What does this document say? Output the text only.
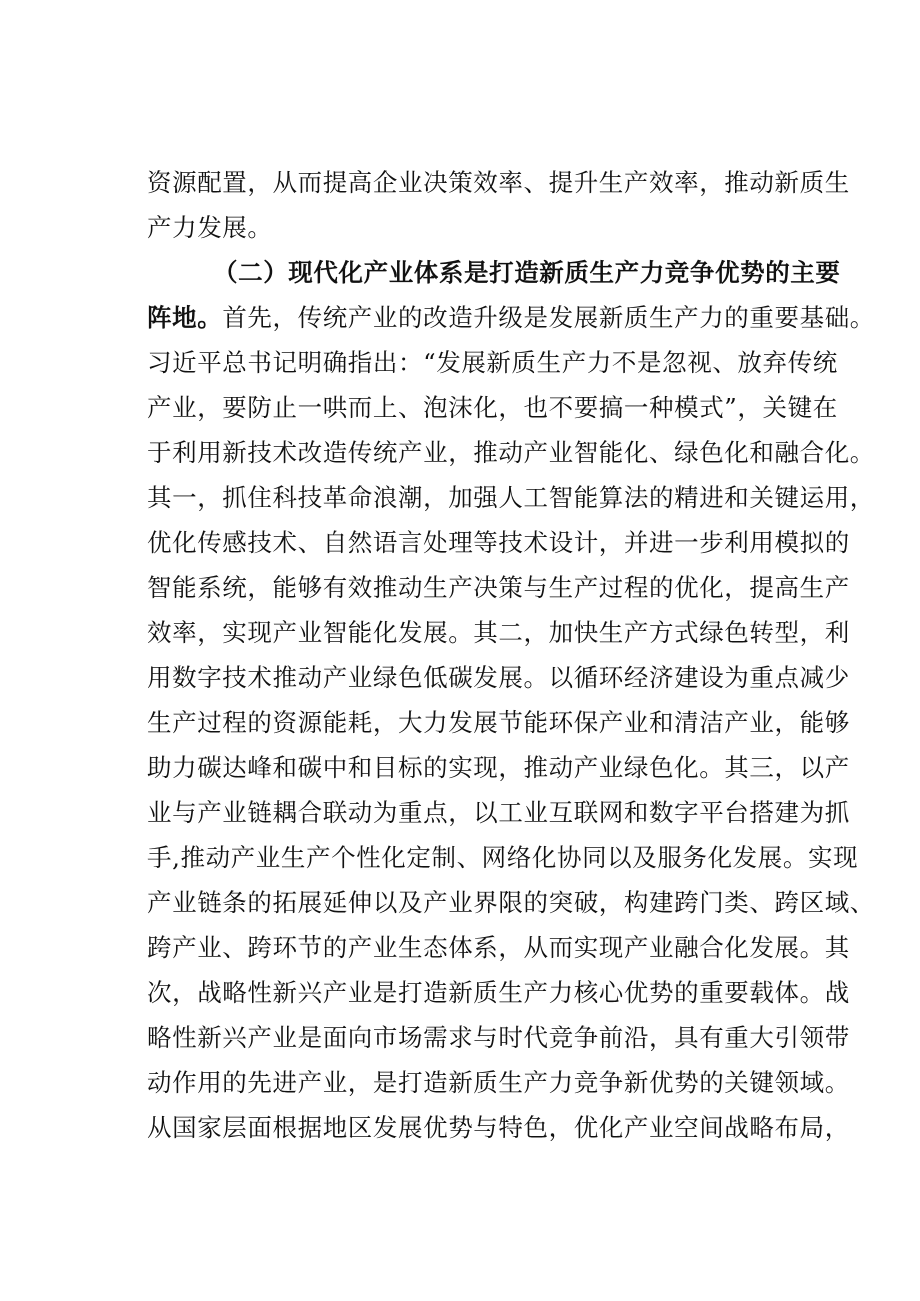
资源配置，从而提高企业决策效率、提升生产效率，推动新质生
产力发展。
（二）现代化产业体系是打造新质生产力竞争优势的主要
阵地。首先，传统产业的改造升级是发展新质生产力的重要基础。
习近平总书记明确指出：“发展新质生产力不是忽视、放弃传统
产业，要防止一哄而上、泡沫化，也不要搞一种模式”，关键在
于利用新技术改造传统产业，推动产业智能化、绿色化和融合化。
其一，抓住科技革命浪潮，加强人工智能算法的精进和关键运用，
优化传感技术、自然语言处理等技术设计，并进一步利用模拟的
智能系统，能够有效推动生产决策与生产过程的优化，提高生产
效率，实现产业智能化发展。其二，加快生产方式绿色转型，利
用数字技术推动产业绿色低碳发展。以循环经济建设为重点减少
生产过程的资源能耗，大力发展节能环保产业和清洁产业，能够
助力碳达峰和碳中和目标的实现，推动产业绿色化。其三，以产
业与产业链耦合联动为重点，以工业互联网和数字平台搭建为抓
手,推动产业生产个性化定制、网络化协同以及服务化发展。实现
产业链条的拓展延伸以及产业界限的突破，构建跨门类、跨区域、
跨产业、跨环节的产业生态体系，从而实现产业融合化发展。其
次，战略性新兴产业是打造新质生产力核心优势的重要载体。战
略性新兴产业是面向市场需求与时代竞争前沿，具有重大引领带
动作用的先进产业，是打造新质生产力竞争新优势的关键领域。
从国家层面根据地区发展优势与特色，优化产业空间战略布局，
